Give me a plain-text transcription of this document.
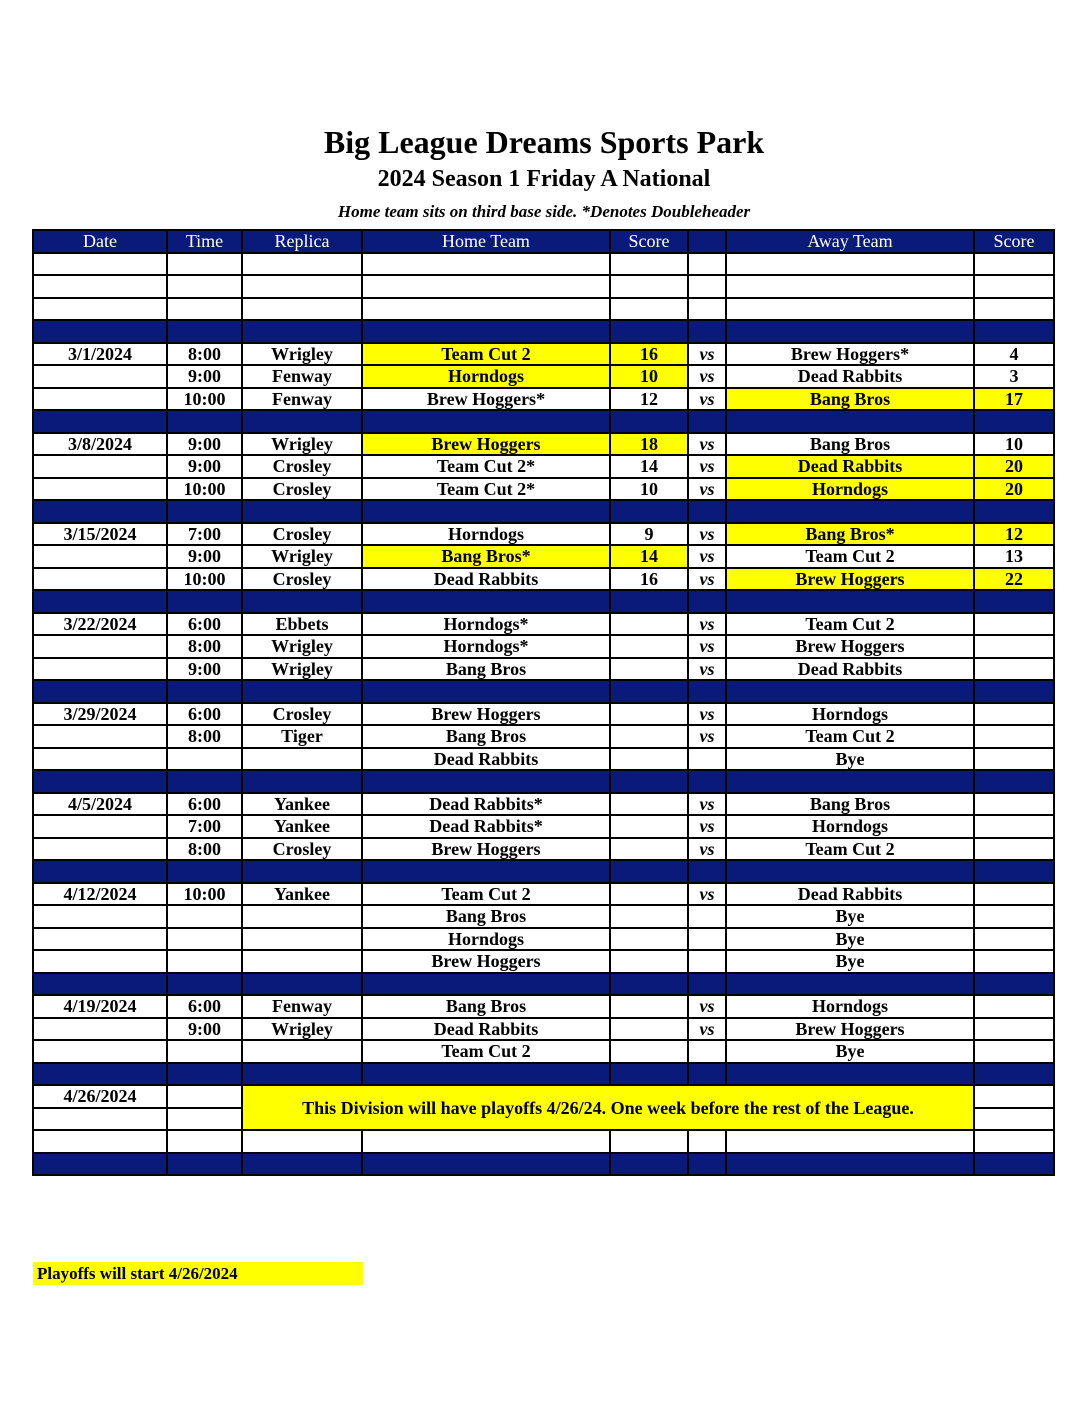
Big League Dreams Sports Park
2024 Season 1 Friday A National
Home team sits on third base side. *Denotes Doubleheader
Date	Time	Replica	Home Team	Score		Away Team	Score

3/1/2024	8:00	Wrigley	Team Cut 2	16	vs	Brew Hoggers*	4
	9:00	Fenway	Horndogs	10	vs	Dead Rabbits	3
	10:00	Fenway	Brew Hoggers*	12	vs	Bang Bros	17

3/8/2024	9:00	Wrigley	Brew Hoggers	18	vs	Bang Bros	10
	9:00	Crosley	Team Cut 2*	14	vs	Dead Rabbits	20
	10:00	Crosley	Team Cut 2*	10	vs	Horndogs	20

3/15/2024	7:00	Crosley	Horndogs	9	vs	Bang Bros*	12
	9:00	Wrigley	Bang Bros*	14	vs	Team Cut 2	13
	10:00	Crosley	Dead Rabbits	16	vs	Brew Hoggers	22

3/22/2024	6:00	Ebbets	Horndogs*		vs	Team Cut 2	
	8:00	Wrigley	Horndogs*		vs	Brew Hoggers	
	9:00	Wrigley	Bang Bros		vs	Dead Rabbits	

3/29/2024	6:00	Crosley	Brew Hoggers		vs	Horndogs	
	8:00	Tiger	Bang Bros		vs	Team Cut 2	
			Dead Rabbits			Bye	

4/5/2024	6:00	Yankee	Dead Rabbits*		vs	Bang Bros	
	7:00	Yankee	Dead Rabbits*		vs	Horndogs	
	8:00	Crosley	Brew Hoggers		vs	Team Cut 2	

4/12/2024	10:00	Yankee	Team Cut 2		vs	Dead Rabbits	
			Bang Bros			Bye	
			Horndogs			Bye	
			Brew Hoggers			Bye	

4/19/2024	6:00	Fenway	Bang Bros		vs	Horndogs	
	9:00	Wrigley	Dead Rabbits		vs	Brew Hoggers	
			Team Cut 2			Bye	

4/26/2024		This Division will have playoffs 4/26/24. One week before the rest of the League.					

Playoffs will start 4/26/2024
